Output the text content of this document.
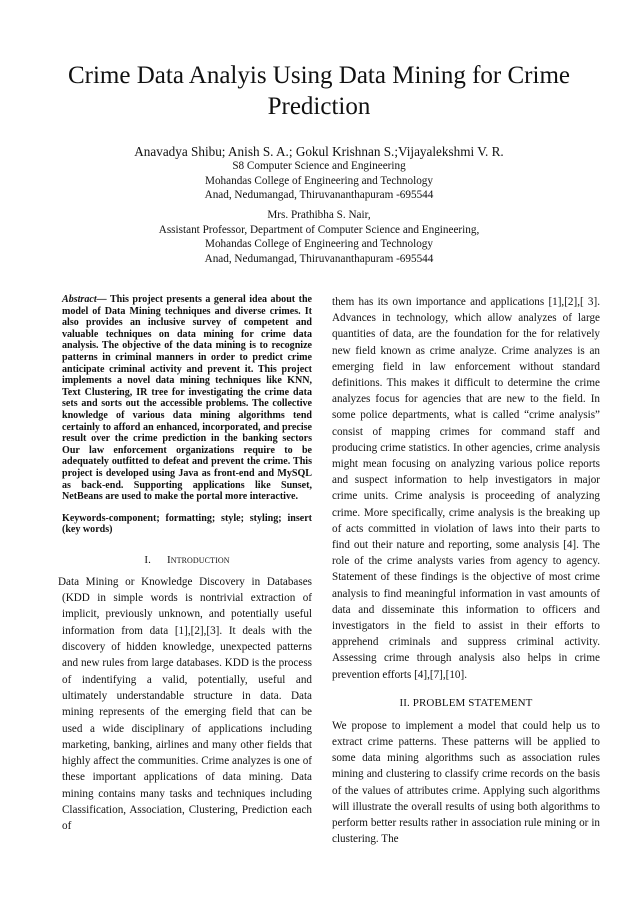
Crime Data Analyis Using Data Mining for Crime Prediction
Anavadya Shibu; Anish S. A.; Gokul Krishnan S.;Vijayalekshmi V. R.
S8 Computer Science and Engineering
Mohandas College of Engineering and Technology
Anad, Nedumangad, Thiruvananthapuram -695544
Mrs. Prathibha S. Nair,
Assistant Professor, Department of Computer Science and Engineering,
Mohandas College of Engineering and Technology
Anad, Nedumangad, Thiruvananthapuram -695544
Abstract— This project presents a general idea about the model of Data Mining techniques and diverse crimes. It also provides an inclusive survey of competent and valuable techniques on data mining for crime data analysis. The objective of the data mining is to recognize patterns in criminal manners in order to predict crime anticipate criminal activity and prevent it. This project implements a novel data mining techniques like KNN, Text Clustering, IR tree for investigating the crime data sets and sorts out the accessible problems. The collective knowledge of various data mining algorithms tend certainly to afford an enhanced, incorporated, and precise result over the crime prediction in the banking sectors Our law enforcement organizations require to be adequately outfitted to defeat and prevent the crime. This project is developed using Java as front-end and MySQL as back-end. Supporting applications like Sunset, NetBeans are used to make the portal more interactive.
Keywords-component; formatting; style; styling; insert (key words)
I. Introduction
Data Mining or Knowledge Discovery in Databases (KDD in simple words is nontrivial extraction of implicit, previously unknown, and potentially useful information from data [1],[2],[3]. It deals with the discovery of hidden knowledge, unexpected patterns and new rules from large databases. KDD is the process of indentifying a valid, potentially, useful and ultimately understandable structure in data. Data mining represents of the emerging field that can be used a wide disciplinary of applications including marketing, banking, airlines and many other fields that highly affect the communities. Crime analyzes is one of these important applications of data mining. Data mining contains many tasks and techniques including Classification, Association, Clustering, Prediction each of
them has its own importance and applications [1],[2],[ 3]. Advances in technology, which allow analyzes of large quantities of data, are the foundation for the for relatively new field known as crime analyze. Crime analyzes is an emerging field in law enforcement without standard definitions. This makes it difficult to determine the crime analyzes focus for agencies that are new to the field. In some police departments, what is called “crime analysis” consist of mapping crimes for command staff and producing crime statistics. In other agencies, crime analysis might mean focusing on analyzing various police reports and suspect information to help investigators in major crime units. Crime analysis is proceeding of analyzing crime. More specifically, crime analysis is the breaking up of acts committed in violation of laws into their parts to find out their nature and reporting, some analysis [4]. The role of the crime analysts varies from agency to agency. Statement of these findings is the objective of most crime analysis to find meaningful information in vast amounts of data and disseminate this information to officers and investigators in the field to assist in their efforts to apprehend criminals and suppress criminal activity. Assessing crime through analysis also helps in crime prevention efforts [4],[7],[10].
II. PROBLEM STATEMENT
We propose to implement a model that could help us to extract crime patterns. These patterns will be applied to some data mining algorithms such as association rules mining and clustering to classify crime records on the basis of the values of attributes crime. Applying such algorithms will illustrate the overall results of using both algorithms to perform better results rather in association rule mining or in clustering. The
